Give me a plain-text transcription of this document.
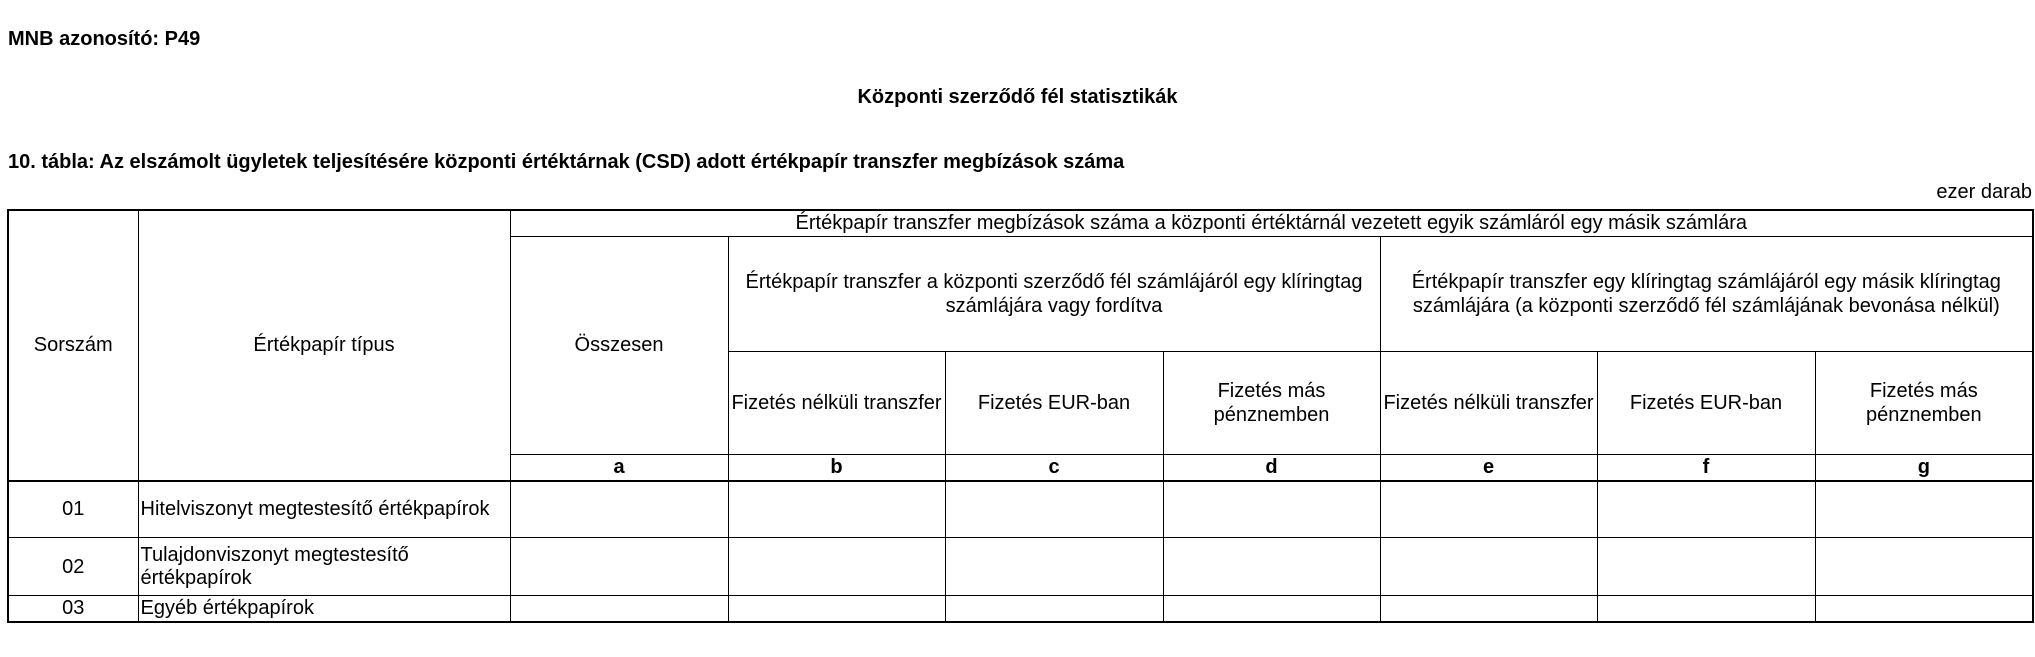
MNB azonosító: P49
Központi szerződő fél statisztikák
10. tábla: Az elszámolt ügyletek teljesítésére központi értéktárnak (CSD) adott értékpapír transzfer megbízások száma
ezer darab
Sorszám	Értékpapír típus	Értékpapír transzfer megbízások száma a központi értéktárnál vezetett egyik számláról egy másik számlára						
		Összesen	Értékpapír transzfer a központi szerződő fél számlájáról egy klíringtag számlájára vagy fordítva			Értékpapír transzfer egy klíringtag számlájáról egy másik klíringtag számlájára (a központi szerződő fél számlájának bevonása nélkül)		
			Fizetés nélküli transzfer	Fizetés EUR-ban	Fizetés más pénznemben	Fizetés nélküli transzfer	Fizetés EUR-ban	Fizetés más pénznemben
		a	b	c	d	e	f	g
01	Hitelviszonyt megtestesítő értékpapírok							
02	Tulajdonviszonyt megtestesítő értékpapírok							
03	Egyéb értékpapírok							
